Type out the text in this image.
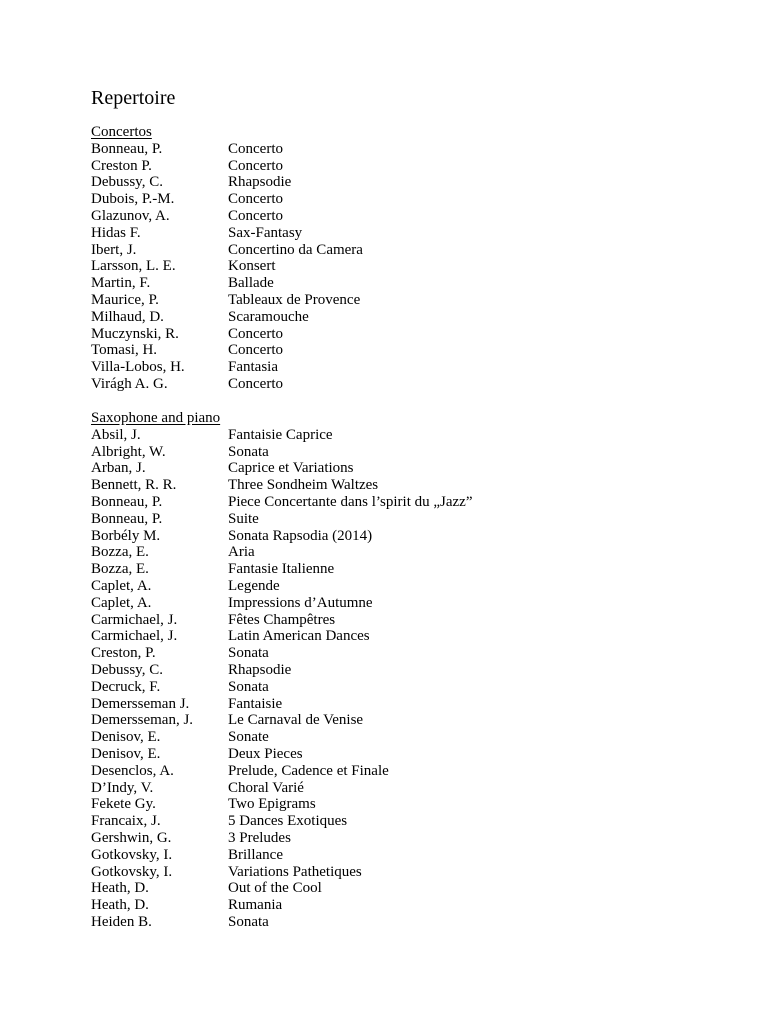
Repertoire
Concertos
Bonneau, P.	Concerto
Creston P.	Concerto
Debussy, C.	Rhapsodie
Dubois, P.-M.	Concerto
Glazunov, A.	Concerto
Hidas F.	Sax-Fantasy
Ibert, J.	Concertino da Camera
Larsson, L. E.	Konsert
Martin, F.	Ballade
Maurice, P.	Tableaux de Provence
Milhaud, D.	Scaramouche
Muczynski, R.	Concerto
Tomasi, H.	Concerto
Villa-Lobos, H.	Fantasia
Virágh A. G.	Concerto
Saxophone and piano
Absil, J.	Fantaisie Caprice
Albright, W.	Sonata
Arban, J.	Caprice et Variations
Bennett, R. R.	Three Sondheim Waltzes
Bonneau, P.	Piece Concertante dans l’spirit du „Jazz”
Bonneau, P.	Suite
Borbély M.	Sonata Rapsodia (2014)
Bozza, E.	Aria
Bozza, E.	Fantasie Italienne
Caplet, A.	Legende
Caplet, A.	Impressions d’Autumne
Carmichael, J.	Fêtes Champêtres
Carmichael, J.	Latin American Dances
Creston, P.	Sonata
Debussy, C.	Rhapsodie
Decruck, F.	Sonata
Demersseman J.	Fantaisie
Demersseman, J.	Le Carnaval de Venise
Denisov, E.	Sonate
Denisov, E.	Deux Pieces
Desenclos, A.	Prelude, Cadence et Finale
D’Indy, V.	Choral Varié
Fekete Gy.	Two Epigrams
Francaix, J.	5 Dances Exotiques
Gershwin, G.	3 Preludes
Gotkovsky, I.	Brillance
Gotkovsky, I.	Variations Pathetiques
Heath, D.	Out of the Cool
Heath, D.	Rumania
Heiden B.	Sonata
